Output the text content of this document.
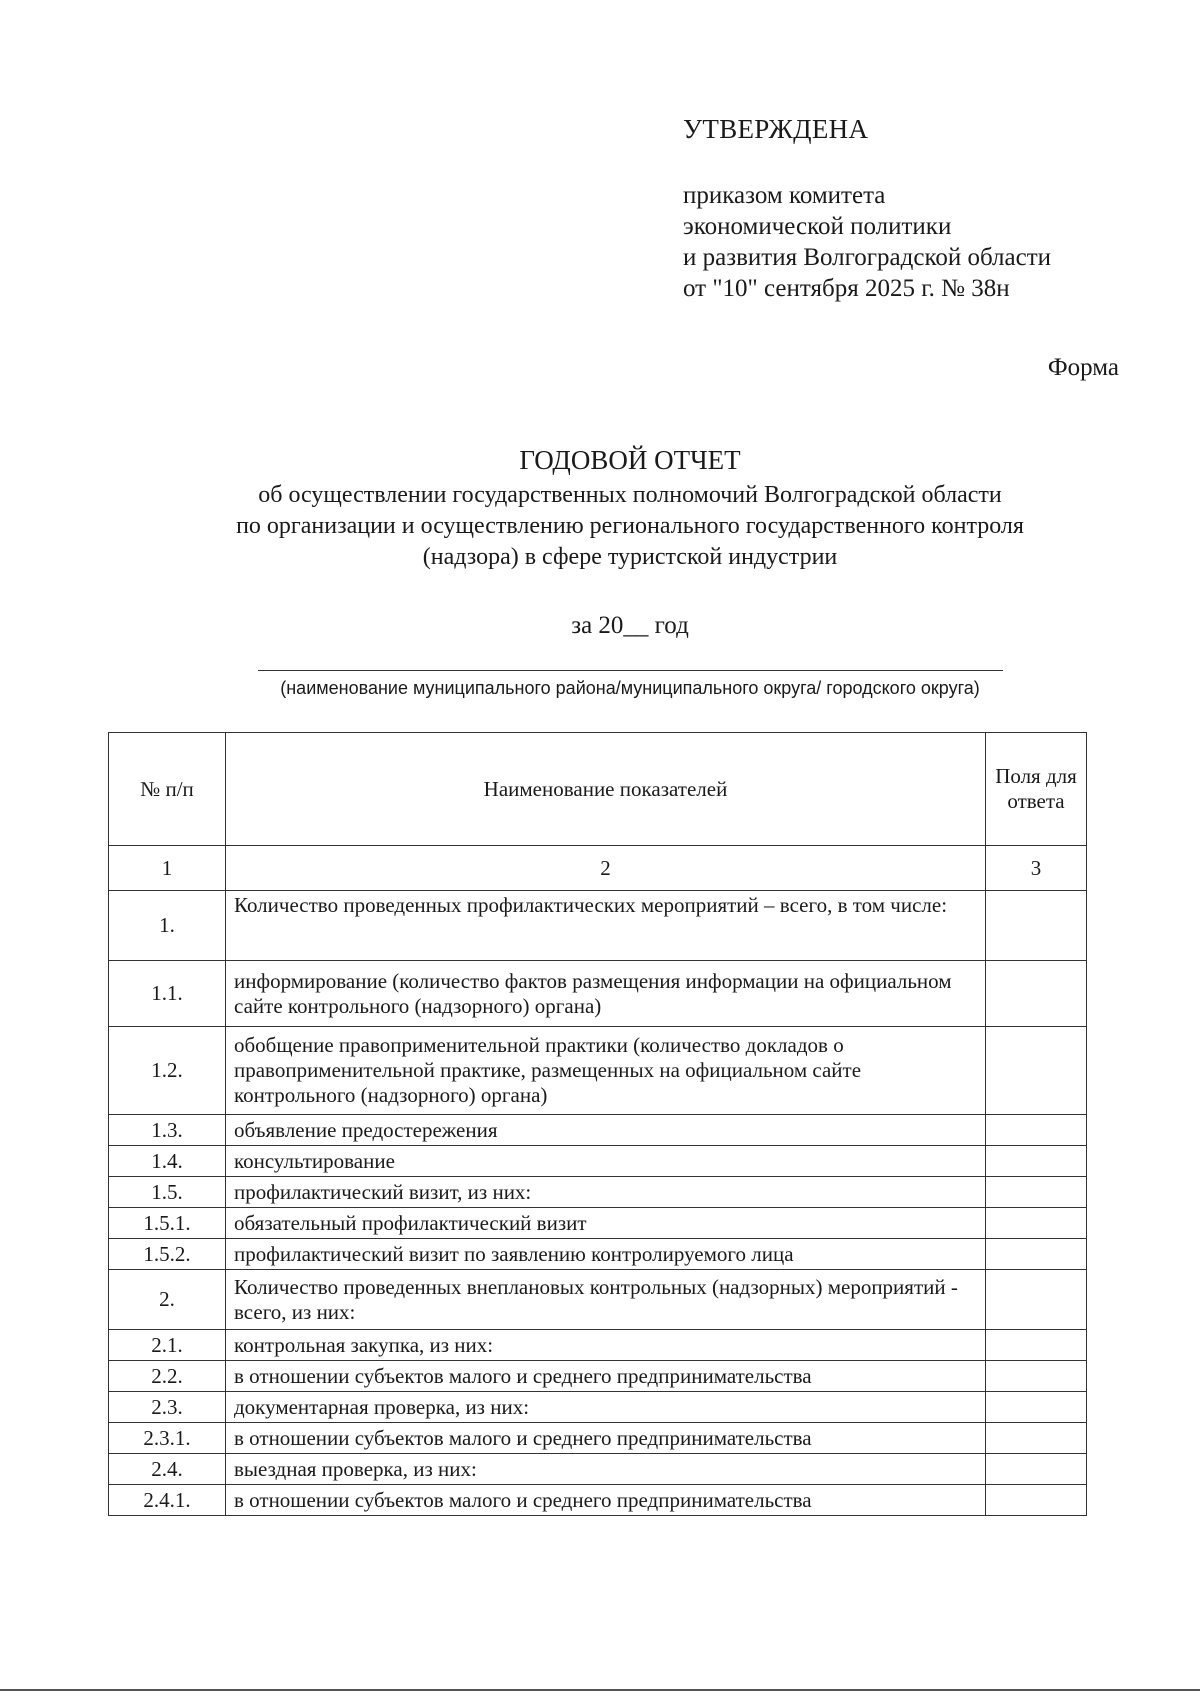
УТВЕРЖДЕНА
приказом комитета
экономической политики
и развития Волгоградской области
от "10" сентября 2025 г. № 38н
Форма
ГОДОВОЙ ОТЧЕТ
об осуществлении государственных полномочий Волгоградской области
по организации и осуществлению регионального государственного контроля
(надзора) в сфере туристской индустрии
за 20__ год
(наименование муниципального района/муниципального округа/ городского округа)
№ п/п	Наименование показателей	Поля для ответа
1	2	3
1.	Количество проведенных профилактических мероприятий – всего, в том числе:	
1.1.	информирование (количество фактов размещения информации на официальном сайте контрольного (надзорного) органа)	
1.2.	обобщение правоприменительной практики (количество докладов о правоприменительной практике, размещенных на официальном сайте контрольного (надзорного) органа)	
1.3.	объявление предостережения	
1.4.	консультирование	
1.5.	профилактический визит, из них:	
1.5.1.	обязательный профилактический визит	
1.5.2.	профилактический визит по заявлению контролируемого лица	
2.	Количество проведенных внеплановых контрольных (надзорных) мероприятий - всего, из них:	
2.1.	контрольная закупка, из них:	
2.2.	в отношении субъектов малого и среднего предпринимательства	
2.3.	документарная проверка, из них:	
2.3.1.	в отношении субъектов малого и среднего предпринимательства	
2.4.	выездная проверка, из них:	
2.4.1.	в отношении субъектов малого и среднего предпринимательства	
